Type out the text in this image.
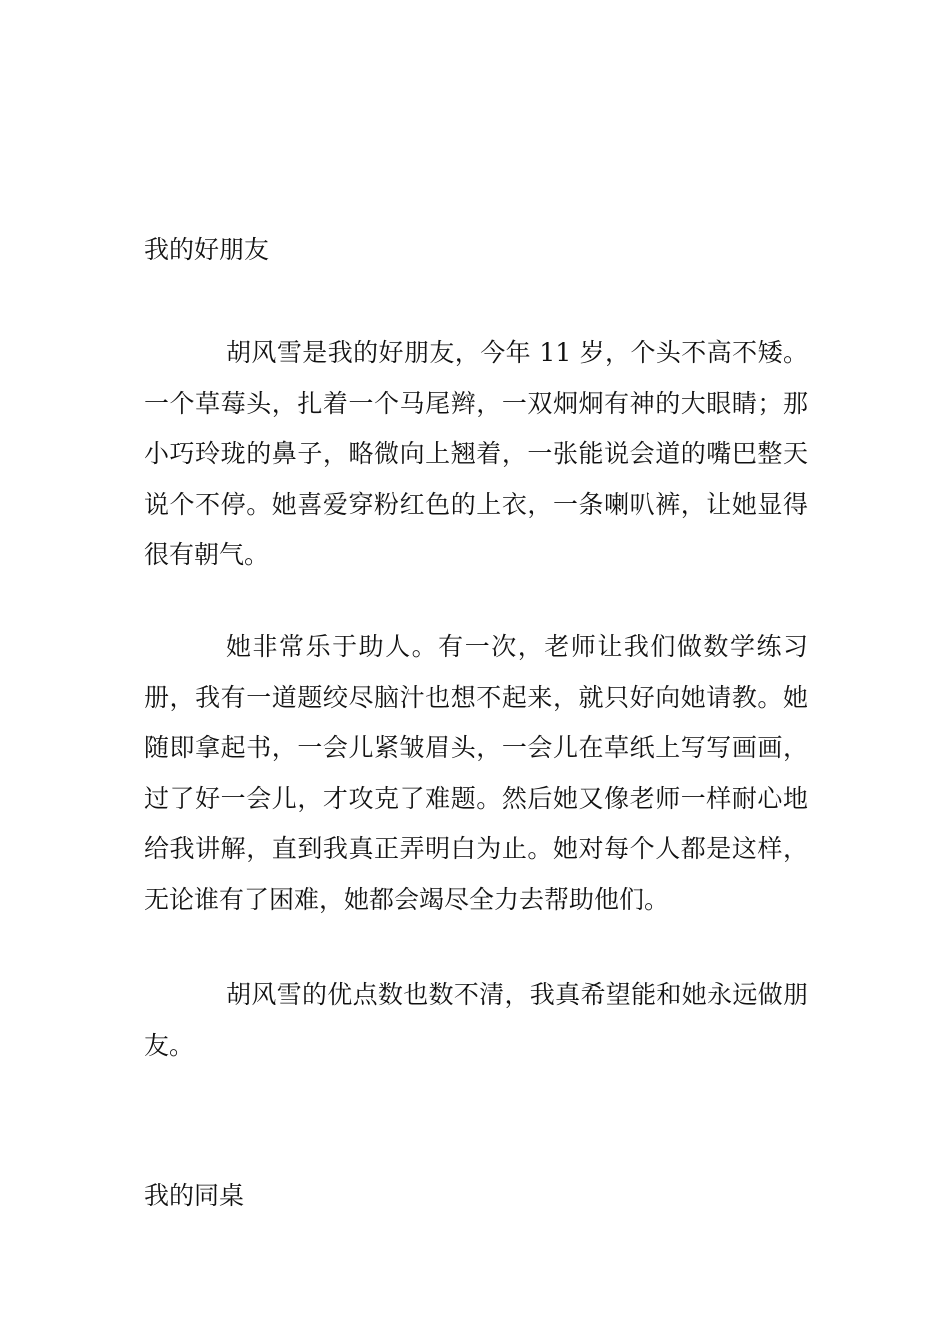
我的好朋友

胡风雪是我的好朋友，今年 11 岁，个头不高不矮。一个草莓头，扎着一个马尾辫，一双炯炯有神的大眼睛；那小巧玲珑的鼻子，略微向上翘着，一张能说会道的嘴巴整天说个不停。她喜爱穿粉红色的上衣，一条喇叭裤，让她显得很有朝气。

她非常乐于助人。有一次，老师让我们做数学练习册，我有一道题绞尽脑汁也想不起来，就只好向她请教。她随即拿起书，一会儿紧皱眉头，一会儿在草纸上写写画画，过了好一会儿，才攻克了难题。然后她又像老师一样耐心地给我讲解，直到我真正弄明白为止。她对每个人都是这样，无论谁有了困难，她都会竭尽全力去帮助他们。

胡风雪的优点数也数不清，我真希望能和她永远做朋友。

我的同桌
